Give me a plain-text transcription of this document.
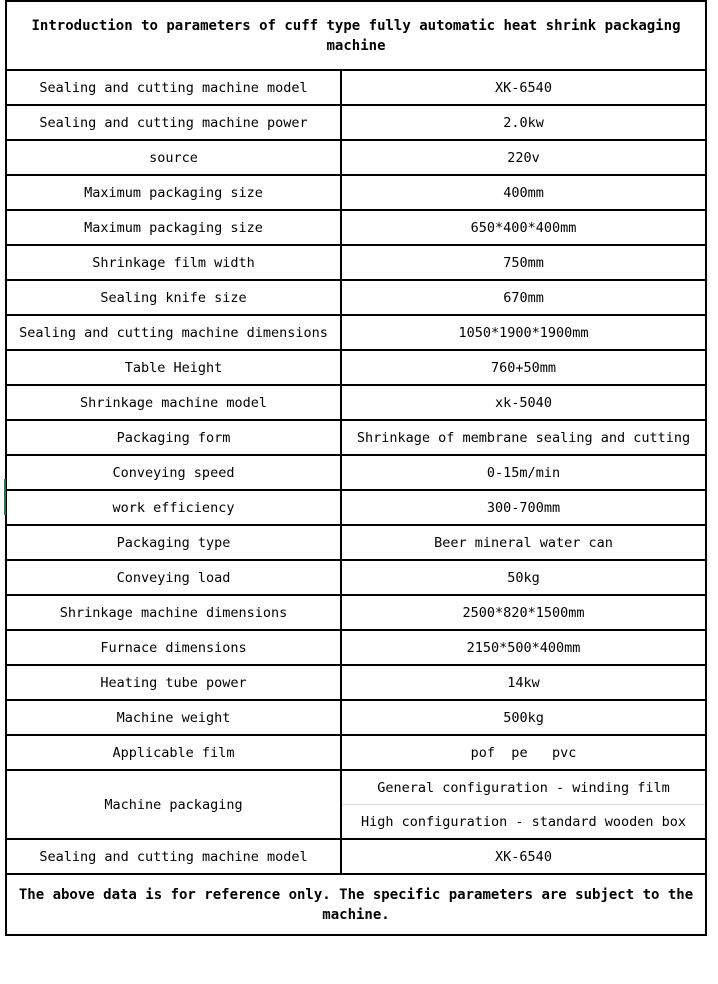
Introduction to parameters of cuff type fully automatic heat shrink packaging machine	
Sealing and cutting machine model	XK-6540
Sealing and cutting machine power	2.0kw
source	220v
Maximum packaging size	400mm
Maximum packaging size	650*400*400mm
Shrinkage film width	750mm
Sealing knife size	670mm
Sealing and cutting machine dimensions	1050*1900*1900mm
Table Height	760+50mm
Shrinkage machine model	xk-5040
Packaging form	Shrinkage of membrane sealing and cutting
Conveying speed	0-15m/min
work efficiency	300-700mm
Packaging type	Beer mineral water can
Conveying load	50kg
Shrinkage machine dimensions	2500*820*1500mm
Furnace dimensions	2150*500*400mm
Heating tube power	14kw
Machine weight	500kg
Applicable film	pof  pe   pvc
Machine packaging	General configuration - winding film
	High configuration - standard wooden box
Sealing and cutting machine model	XK-6540
The above data is for reference only. The specific parameters are subject to the machine.	
